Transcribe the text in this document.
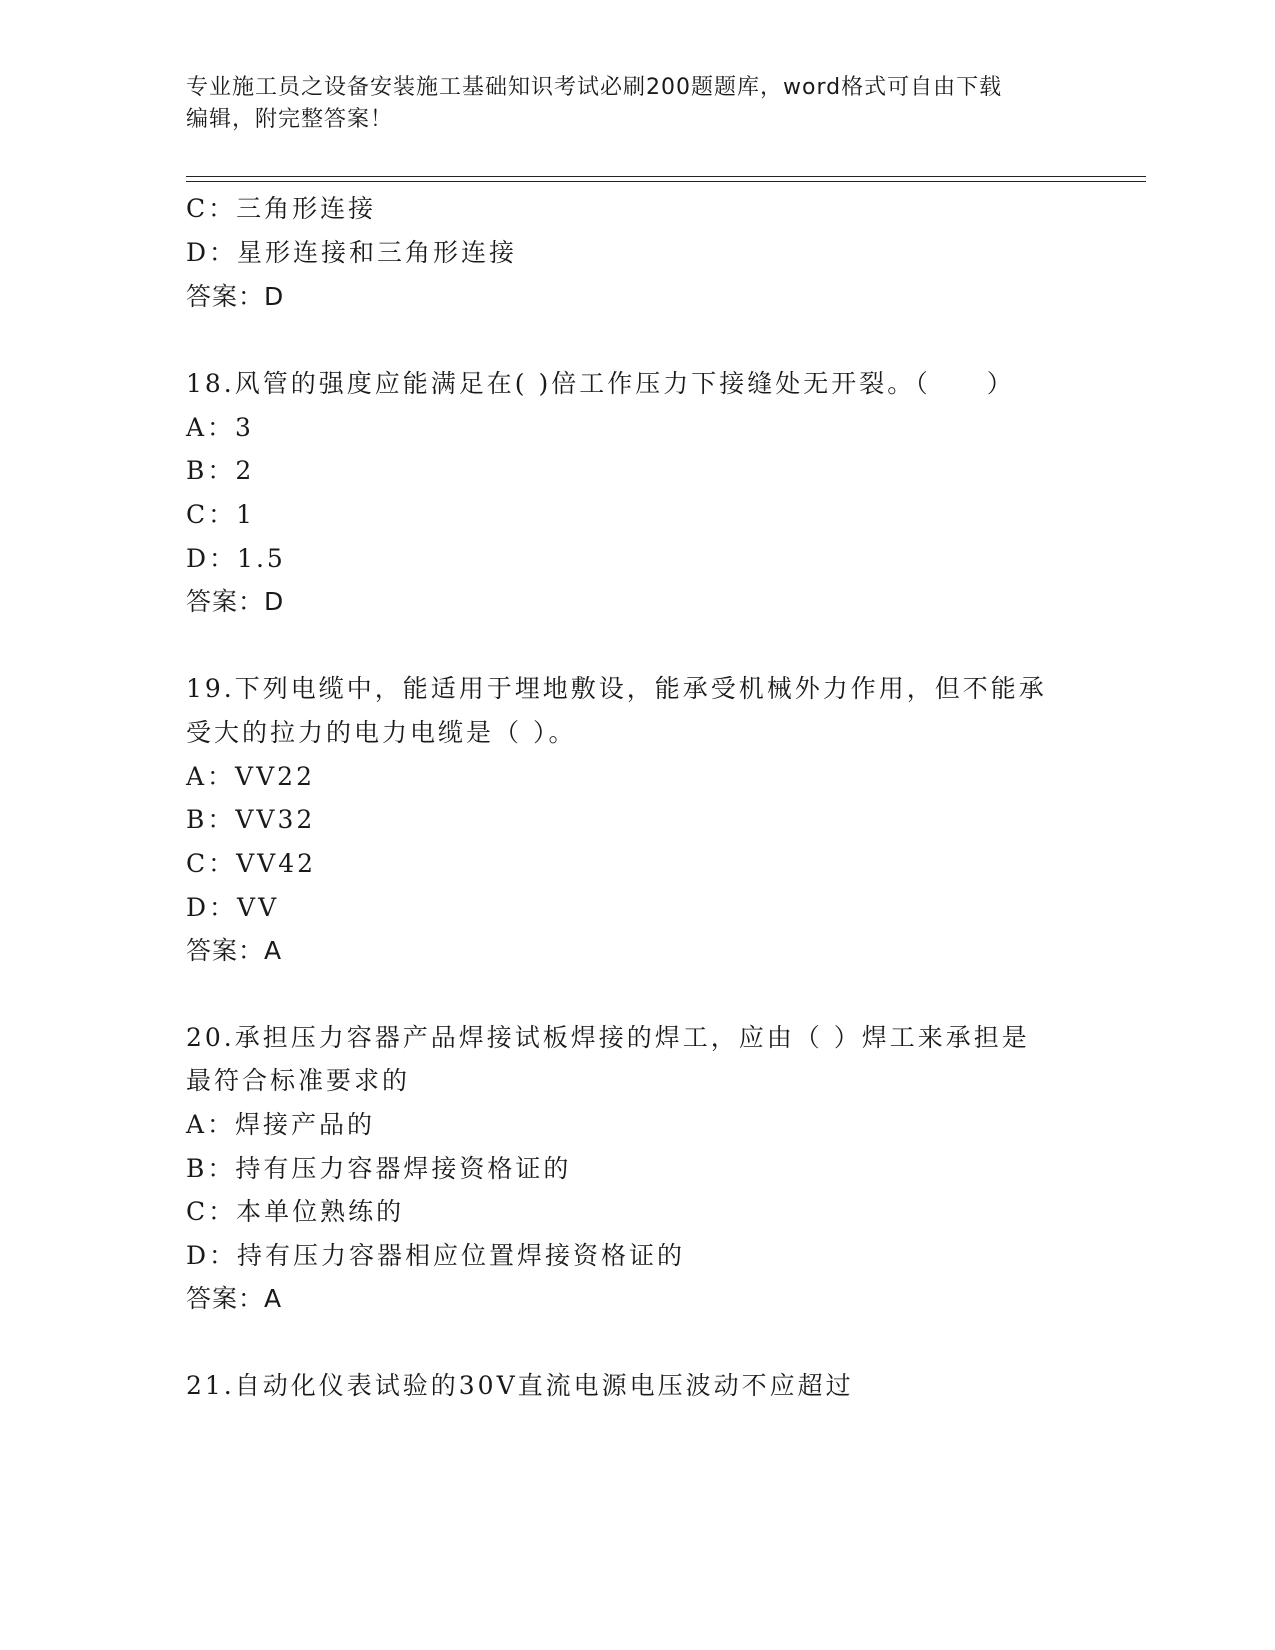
专业施工员之设备安装施工基础知识考试必刷200题题库，word格式可自由下载
编辑，附完整答案！
C：三角形连接
D：星形连接和三角形连接
答案：D
18.风管的强度应能满足在( )倍工作压力下接缝处无开裂。（　　）
A：3
B：2
C：1
D：1.5
答案：D
19.下列电缆中，能适用于埋地敷设，能承受机械外力作用，但不能承
受大的拉力的电力电缆是（ ）。
A：VV22
B：VV32
C：VV42
D：VV
答案：A
20.承担压力容器产品焊接试板焊接的焊工，应由（ ）焊工来承担是
最符合标准要求的
A：焊接产品的
B：持有压力容器焊接资格证的
C：本单位熟练的
D：持有压力容器相应位置焊接资格证的
答案：A
21.自动化仪表试验的30V直流电源电压波动不应超过
